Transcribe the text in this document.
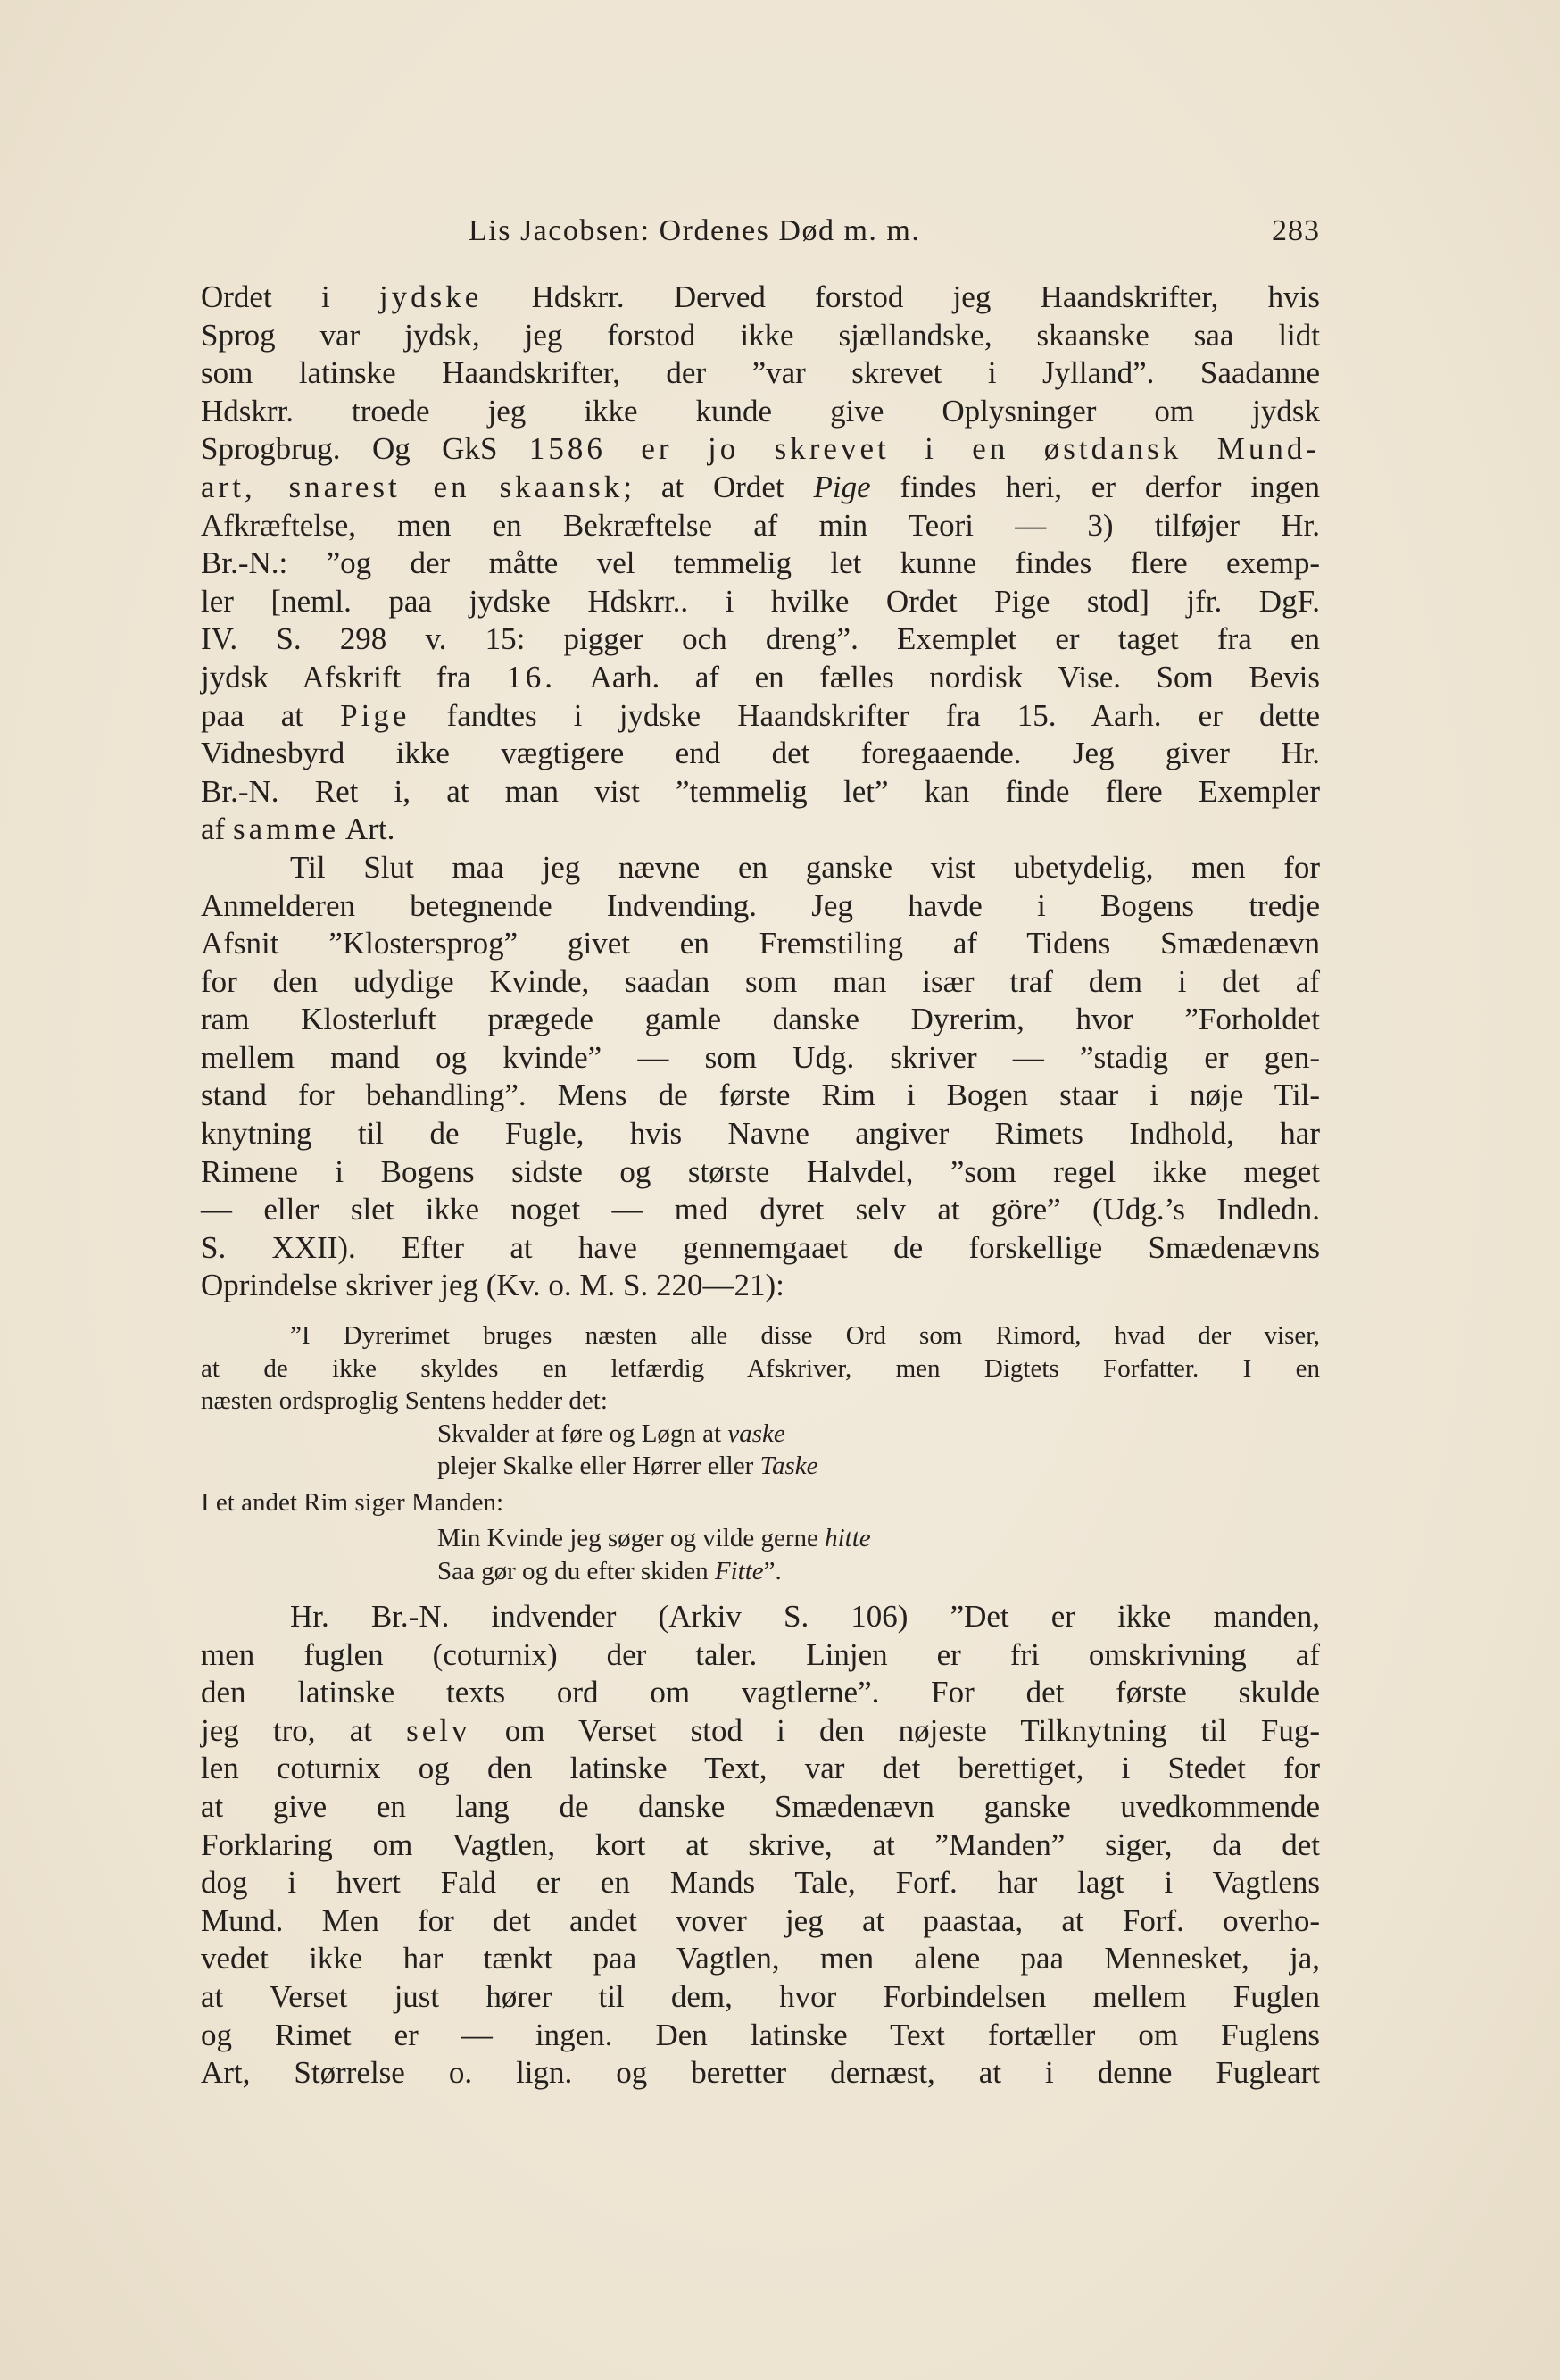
Lis Jacobsen: Ordenes Død m. m.	283
Ordet i jydske Hdskrr. Derved forstod jeg Haandskrifter, hvis
Sprog var jydsk, jeg forstod ikke sjællandske, skaanske saa lidt
som latinske Haandskrifter, der ”var skrevet i Jylland”. Saadanne
Hdskrr. troede jeg ikke kunde give Oplysninger om jydsk
Sprogbrug. Og GkS 1586 er jo skrevet i en østdansk Mund-
art, snarest en skaansk; at Ordet Pige findes heri, er derfor ingen
Afkræftelse, men en Bekræftelse af min Teori — 3) tilføjer Hr.
Br.-N.: ”og der måtte vel temmelig let kunne findes flere exemp-
ler [neml. paa jydske Hdskrr.. i hvilke Ordet Pige stod] jfr. DgF.
IV. S. 298 v. 15: pigger och dreng”. Exemplet er taget fra en
jydsk Afskrift fra 16. Aarh. af en fælles nordisk Vise. Som Bevis
paa at Pige fandtes i jydske Haandskrifter fra 15. Aarh. er dette
Vidnesbyrd ikke vægtigere end det foregaaende. Jeg giver Hr.
Br.-N. Ret i, at man vist ”temmelig let” kan finde flere Exempler
af samme Art.
Til Slut maa jeg nævne en ganske vist ubetydelig, men for
Anmelderen betegnende Indvending. Jeg havde i Bogens tredje
Afsnit ”Klostersprog” givet en Fremstiling af Tidens Smædenævn
for den udydige Kvinde, saadan som man især traf dem i det af
ram Klosterluft prægede gamle danske Dyrerim, hvor ”Forholdet
mellem mand og kvinde” — som Udg. skriver — ”stadig er gen-
stand for behandling”. Mens de første Rim i Bogen staar i nøje Til-
knytning til de Fugle, hvis Navne angiver Rimets Indhold, har
Rimene i Bogens sidste og største Halvdel, ”som regel ikke meget
— eller slet ikke noget — med dyret selv at göre” (Udg.’s Indledn.
S. XXII). Efter at have gennemgaaet de forskellige Smædenævns
Oprindelse skriver jeg (Kv. o. M. S. 220—21):
”I Dyrerimet bruges næsten alle disse Ord som Rimord, hvad der viser,
at de ikke skyldes en letfærdig Afskriver, men Digtets Forfatter. I en
næsten ordsproglig Sentens hedder det:
Skvalder at føre og Løgn at vaske
plejer Skalke eller Hørrer eller Taske
I et andet Rim siger Manden:
Min Kvinde jeg søger og vilde gerne hitte
Saa gør og du efter skiden Fitte”.
Hr. Br.-N. indvender (Arkiv S. 106) ”Det er ikke manden,
men fuglen (coturnix) der taler. Linjen er fri omskrivning af
den latinske texts ord om vagtlerne”. For det første skulde
jeg tro, at selv om Verset stod i den nøjeste Tilknytning til Fug-
len coturnix og den latinske Text, var det berettiget, i Stedet for
at give en lang de danske Smædenævn ganske uvedkommende
Forklaring om Vagtlen, kort at skrive, at ”Manden” siger, da det
dog i hvert Fald er en Mands Tale, Forf. har lagt i Vagtlens
Mund. Men for det andet vover jeg at paastaa, at Forf. overho-
vedet ikke har tænkt paa Vagtlen, men alene paa Mennesket, ja,
at Verset just hører til dem, hvor Forbindelsen mellem Fuglen
og Rimet er — ingen. Den latinske Text fortæller om Fuglens
Art, Størrelse o. lign. og beretter dernæst, at i denne Fugleart
